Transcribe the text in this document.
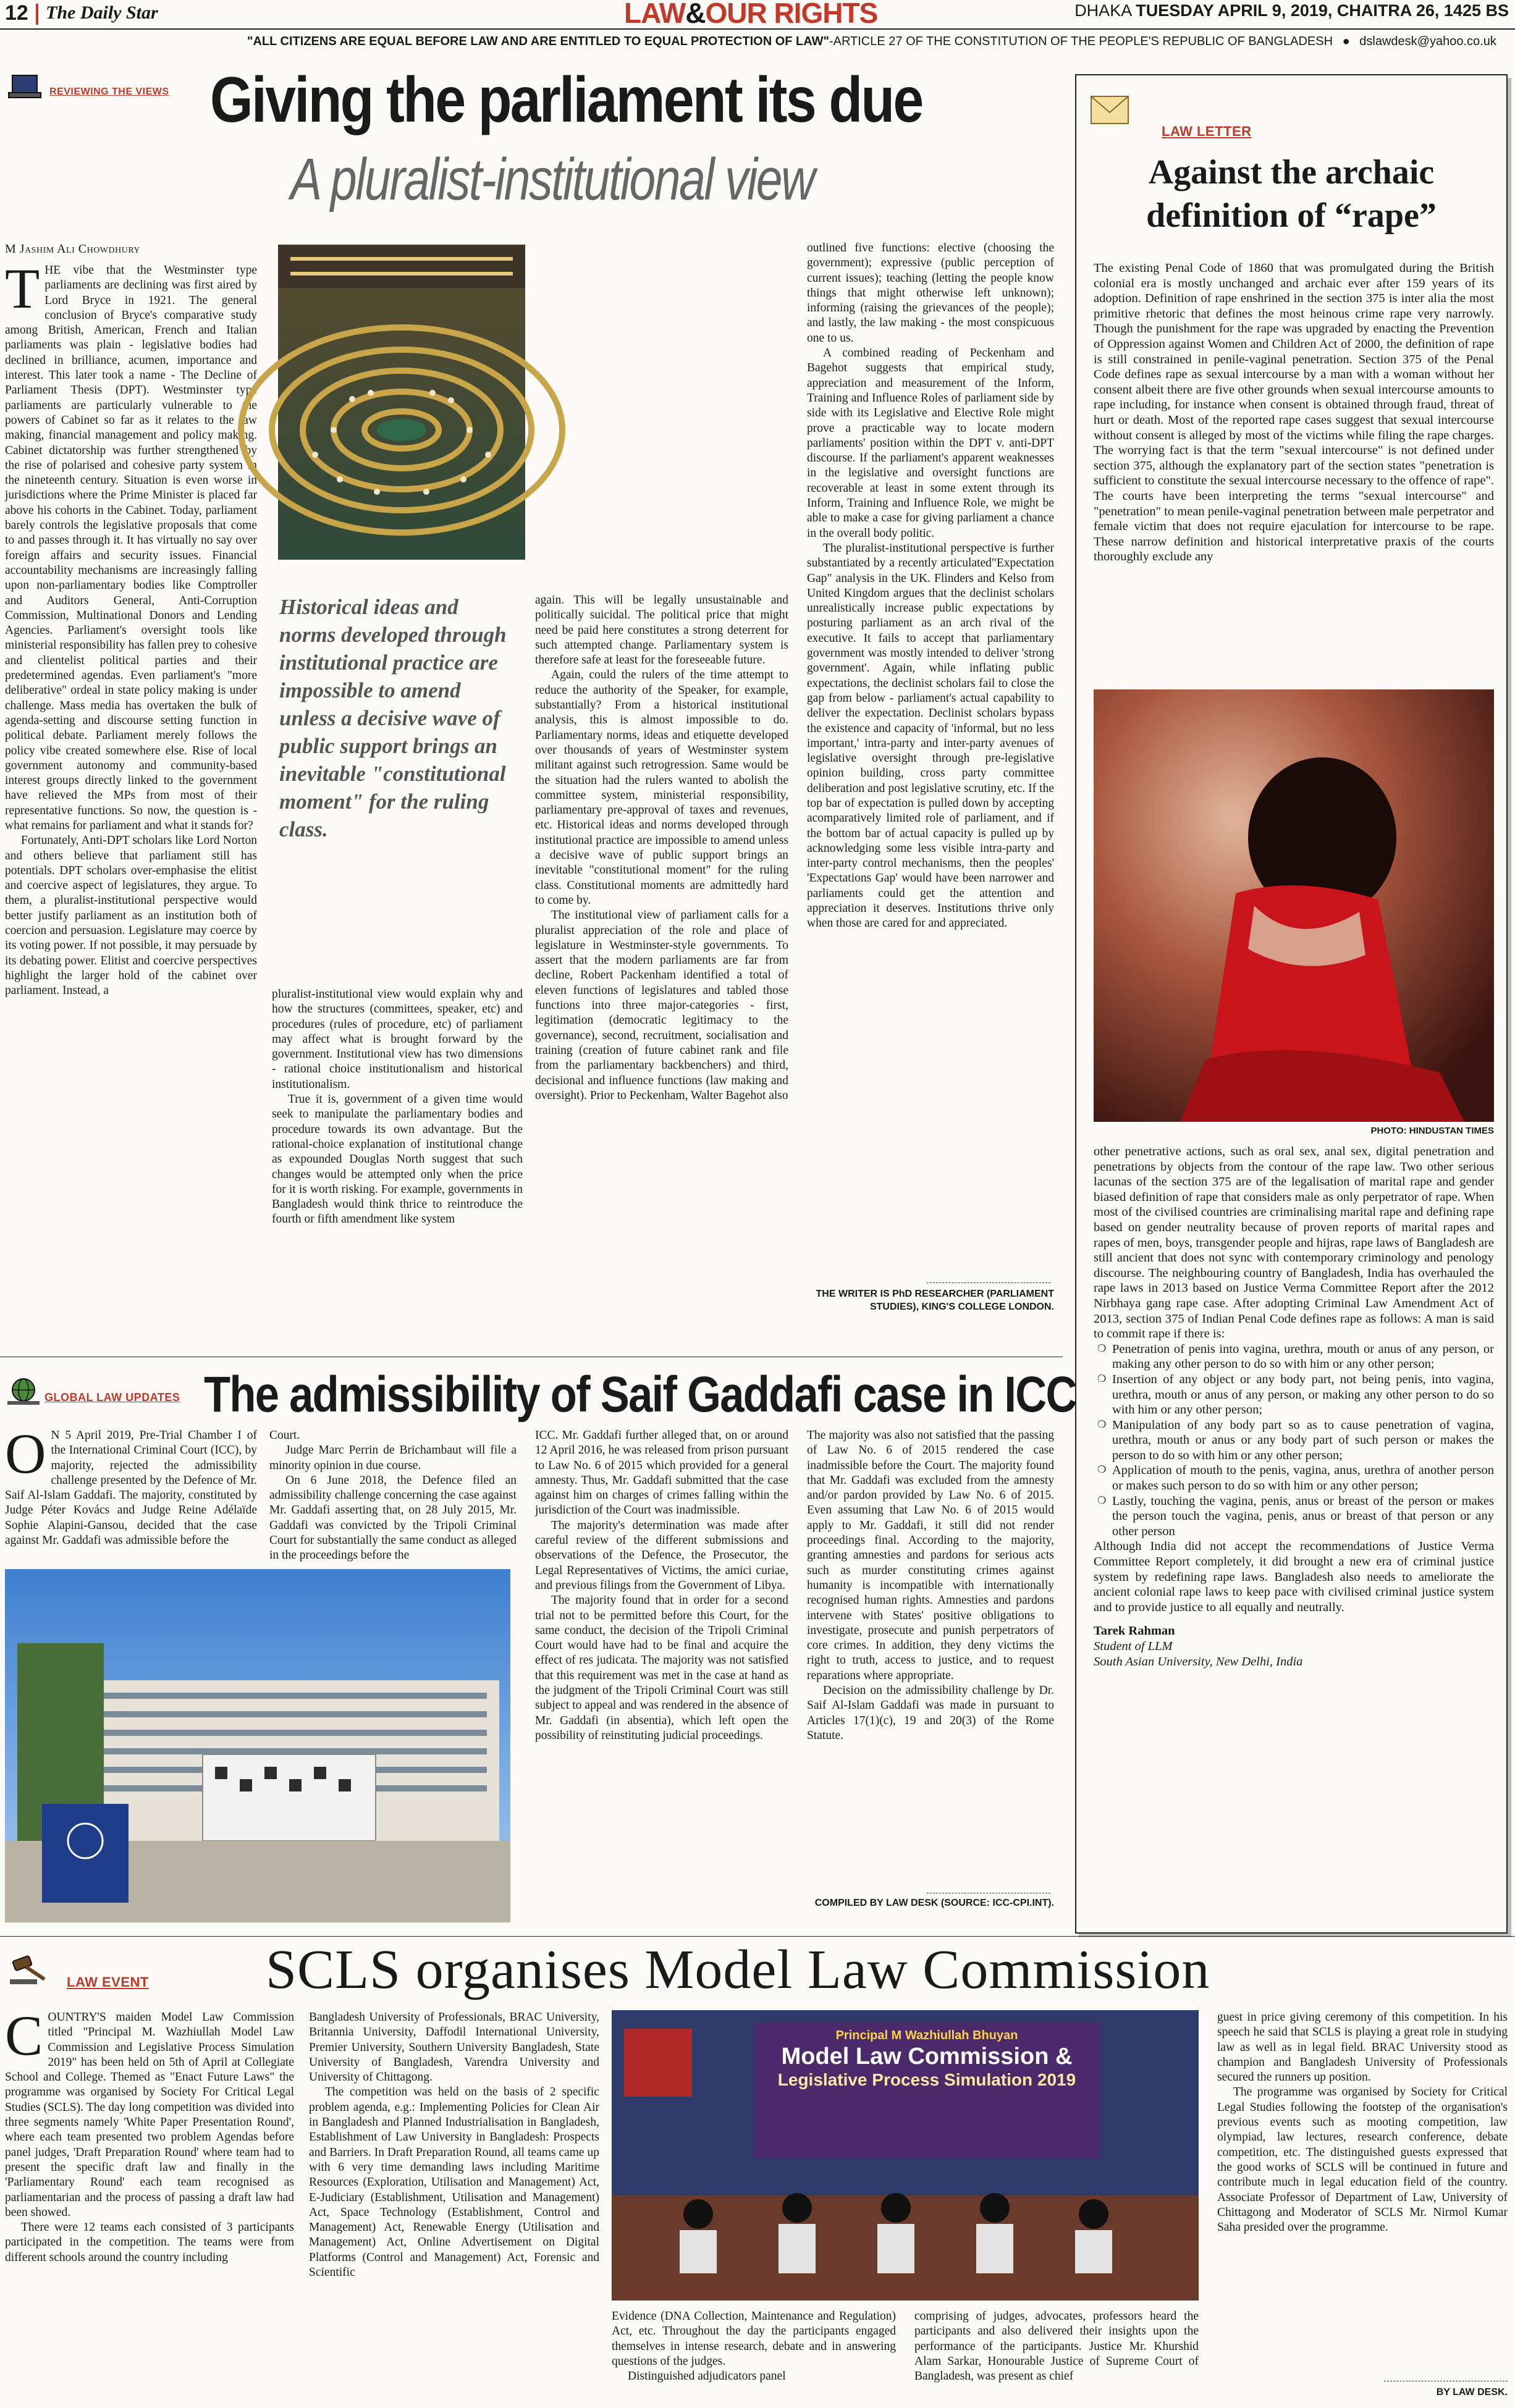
12 The Daily Star	LAW&OUR RIGHTS	DHAKA TUESDAY APRIL 9, 2019, CHAITRA 26, 1425 BS
"ALL CITIZENS ARE EQUAL BEFORE LAW AND ARE ENTITLED TO EQUAL PROTECTION OF LAW"-ARTICLE 27 OF THE CONSTITUTION OF THE PEOPLE'S REPUBLIC OF BANGLADESH ● dslawdesk@yahoo.co.uk
REVIEWING THE VIEWS Giving the parliament its due
A pluralist-institutional view
M Jashim Ali Chowdhury

THE vibe that the Westminster type parliaments are declining was first aired by Lord Bryce in 1921. The general conclusion of Bryce's comparative study among British, American, French and Italian parliaments was plain - legislative bodies had declined in brilliance, acumen, importance and interest. This later took a name - The Decline of Parliament Thesis (DPT). Westminster type parliaments are particularly vulnerable to the powers of Cabinet so far as it relates to the law making, financial management and policy making. Cabinet dictatorship was further strengthened by the rise of polarised and cohesive party system in the nineteenth century. Situation is even worse in jurisdictions where the Prime Minister is placed far above his cohorts in the Cabinet. Today, parliament barely controls the legislative proposals that come to and passes through it. It has virtually no say over foreign affairs and security issues. Financial accountability mechanisms are increasingly falling upon non-parliamentary bodies like Comptroller and Auditors General, Anti-Corruption Commission, Multinational Donors and Lending Agencies. Parliament's oversight tools like ministerial responsibility has fallen prey to cohesive and clientelist political parties and their predetermined agendas. Even parliament's "more deliberative" ordeal in state policy making is under challenge. Mass media has overtaken the bulk of agenda-setting and discourse setting function in political debate. Parliament merely follows the policy vibe created somewhere else. Rise of local government autonomy and community-based interest groups directly linked to the government have relieved the MPs from most of their representative functions. So now, the question is - what remains for parliament and what it stands for?

Fortunately, Anti-DPT scholars like Lord Norton and others believe that parliament still has potentials. DPT scholars over-emphasise the elitist and coercive aspect of legislatures, they argue. To them, a pluralist-institutional perspective would better justify parliament as an institution both of coercion and persuasion. Legislature may coerce by its voting power. If not possible, it may persuade by its debating power. Elitist and coercive perspectives highlight the larger hold of the cabinet over parliament. Instead, a

Historical ideas and norms developed through institutional practice are impossible to amend unless a decisive wave of public support brings an inevitable "constitutional moment" for the ruling class.

pluralist-institutional view would explain why and how the structures (committees, speaker, etc) and procedures (rules of procedure, etc) of parliament may affect what is brought forward by the government. Institutional view has two dimensions - rational choice institutionalism and historical institutionalism.

True it is, government of a given time would seek to manipulate the parliamentary bodies and procedure towards its own advantage. But the rational-choice explanation of institutional change as expounded Douglas North suggest that such changes would be attempted only when the price for it is worth risking. For example, governments in Bangladesh would think thrice to reintroduce the fourth or fifth amendment like system

again. This will be legally unsustainable and politically suicidal. The political price that might need be paid here constitutes a strong deterrent for such attempted change. Parliamentary system is therefore safe at least for the foreseeable future.

Again, could the rulers of the time attempt to reduce the authority of the Speaker, for example, substantially? From a historical institutional analysis, this is almost impossible to do. Parliamentary norms, ideas and etiquette developed over thousands of years of Westminster system militant against such retrogression. Same would be the situation had the rulers wanted to abolish the committee system, ministerial responsibility, parliamentary pre-approval of taxes and revenues, etc. Historical ideas and norms developed through institutional practice are impossible to amend unless a decisive wave of public support brings an inevitable "constitutional moment" for the ruling class. Constitutional moments are admittedly hard to come by.

The institutional view of parliament calls for a pluralist appreciation of the role and place of legislature in Westminster-style governments. To assert that the modern parliaments are far from decline, Robert Packenham identified a total of eleven functions of legislatures and tabled those functions into three major-categories - first, legitimation (democratic legitimacy to the governance), second, recruitment, socialisation and training (creation of future cabinet rank and file from the parliamentary backbenchers) and third, decisional and influence functions (law making and oversight). Prior to Peckenham, Walter Bagehot also

outlined five functions: elective (choosing the government); expressive (public perception of current issues); teaching (letting the people know things that might otherwise left unknown); informing (raising the grievances of the people); and lastly, the law making - the most conspicuous one to us.

A combined reading of Peckenham and Bagehot suggests that empirical study, appreciation and measurement of the Inform, Training and Influence Roles of parliament side by side with its Legislative and Elective Role might prove a practicable way to locate modern parliaments' position within the DPT v. anti-DPT discourse. If the parliament's apparent weaknesses in the legislative and oversight functions are recoverable at least in some extent through its Inform, Training and Influence Role, we might be able to make a case for giving parliament a chance in the overall body politic.

The pluralist-institutional perspective is further substantiated by a recently articulated"Expectation Gap" analysis in the UK. Flinders and Kelso from United Kingdom argues that the declinist scholars unrealistically increase public expectations by posturing parliament as an arch rival of the executive. It fails to accept that parliamentary government was mostly intended to deliver 'strong government'. Again, while inflating public expectations, the declinist scholars fail to close the gap from below - parliament's actual capability to deliver the expectation. Declinist scholars bypass the existence and capacity of 'informal, but no less important,' intra-party and inter-party avenues of legislative oversight through pre-legislative opinion building, cross party committee deliberation and post legislative scrutiny, etc. If the top bar of expectation is pulled down by accepting acomparatively limited role of parliament, and if the bottom bar of actual capacity is pulled up by acknowledging some less visible intra-party and inter-party control mechanisms, then the peoples' 'Expectations Gap' would have been narrower and parliaments could get the attention and appreciation it deserves. Institutions thrive only when those are cared for and appreciated.

THE WRITER IS PhD RESEARCHER (PARLIAMENT STUDIES), KING'S COLLEGE LONDON.
LAW LETTER
Against the archaic
definition of “rape”
The existing Penal Code of 1860 that was promulgated during the British colonial era is mostly unchanged and archaic ever after 159 years of its adoption. Definition of rape enshrined in the section 375 is inter alia the most primitive rhetoric that defines the most heinous crime rape very narrowly. Though the punishment for the rape was upgraded by enacting the Prevention of Oppression against Women and Children Act of 2000, the definition of rape is still constrained in penile-vaginal penetration. Section 375 of the Penal Code defines rape as sexual intercourse by a man with a woman without her consent albeit there are five other grounds when sexual intercourse amounts to rape including, for instance when consent is obtained through fraud, threat of hurt or death. Most of the reported rape cases suggest that sexual intercourse without consent is alleged by most of the victims while filing the rape charges. The worrying fact is that the term "sexual intercourse" is not defined under section 375, although the explanatory part of the section states "penetration is sufficient to constitute the sexual intercourse necessary to the offence of rape". The courts have been interpreting the terms "sexual intercourse" and "penetration" to mean penile-vaginal penetration between male perpetrator and female victim that does not require ejaculation for intercourse to be rape. These narrow definition and historical interpretative praxis of the courts thoroughly exclude any
PHOTO: HINDUSTAN TIMES

other penetrative actions, such as oral sex, anal sex, digital penetration and penetrations by objects from the contour of the rape law. Two other serious lacunas of the section 375 are of the legalisation of marital rape and gender biased definition of rape that considers male as only perpetrator of rape. When most of the civilised countries are criminalising marital rape and defining rape based on gender neutrality because of proven reports of marital rapes and rapes of men, boys, transgender people and hijras, rape laws of Bangladesh are still ancient that does not sync with contemporary criminology and penology discourse. The neighbouring country of Bangladesh, India has overhauled the rape laws in 2013 based on Justice Verma Committee Report after the 2012 Nirbhaya gang rape case. After adopting Criminal Law Amendment Act of 2013, section 375 of Indian Penal Code defines rape as follows: A man is said to commit rape if there is:

❍ Penetration of penis into vagina, urethra, mouth or anus of any person, or making any other person to do so with him or any other person;
❍ Insertion of any object or any body part, not being penis, into vagina, urethra, mouth or anus of any person, or making any other person to do so with him or any other person;
❍ Manipulation of any body part so as to cause penetration of vagina, urethra, mouth or anus or any body part of such person or makes the person to do so with him or any other person;
❍ Application of mouth to the penis, vagina, anus, urethra of another person or makes such person to do so with him or any other person;
❍ Lastly, touching the vagina, penis, anus or breast of the person or makes the person touch the vagina, penis, anus or breast of that person or any other person

Although India did not accept the recommendations of Justice Verma Committee Report completely, it did brought a new era of criminal justice system by redefining rape laws. Bangladesh also needs to ameliorate the ancient colonial rape laws to keep pace with civilised criminal justice system and to provide justice to all equally and neutrally.

Tarek Rahman
Student of LLM
South Asian University, New Delhi, India
GLOBAL LAW UPDATES The admissibility of Saif Gaddafi case in ICC

O N 5 April 2019, Pre-Trial Chamber I of the International Criminal Court (ICC), by majority, rejected the admissibility challenge presented by the Defence of Mr. Saif Al-Islam Gaddafi. The majority, constituted by Judge Péter Kovács and Judge Reine Adélaïde Sophie Alapini-Gansou, decided that the case against Mr. Gaddafi was admissible before the

Court.

Judge Marc Perrin de Brichambaut will file a minority opinion in due course.

On 6 June 2018, the Defence filed an admissibility challenge concerning the case against Mr. Gaddafi asserting that, on 28 July 2015, Mr. Gaddafi was convicted by the Tripoli Criminal Court for substantially the same conduct as alleged in the proceedings before the

ICC. Mr. Gaddafi further alleged that, on or around 12 April 2016, he was released from prison pursuant to Law No. 6 of 2015 which provided for a general amnesty. Thus, Mr. Gaddafi submitted that the case against him on charges of crimes falling within the jurisdiction of the Court was inadmissible.

The majority's determination was made after careful review of the different submissions and observations of the Defence, the Prosecutor, the Legal Representatives of Victims, the amici curiae, and previous filings from the Government of Libya.

The majority found that in order for a second trial not to be permitted before this Court, for the same conduct, the decision of the Tripoli Criminal Court would have had to be final and acquire the effect of res judicata. The majority was not satisfied that this requirement was met in the case at hand as the judgment of the Tripoli Criminal Court was still subject to appeal and was rendered in the absence of Mr. Gaddafi (in absentia), which left open the possibility of reinstituting judicial proceedings.

The majority was also not satisfied that the passing of Law No. 6 of 2015 rendered the case inadmissible before the Court. The majority found that Mr. Gaddafi was excluded from the amnesty and/or pardon provided by Law No. 6 of 2015. Even assuming that Law No. 6 of 2015 would apply to Mr. Gaddafi, it still did not render proceedings final. According to the majority, granting amnesties and pardons for serious acts such as murder constituting crimes against humanity is incompatible with internationally recognised human rights. Amnesties and pardons intervene with States' positive obligations to investigate, prosecute and punish perpetrators of core crimes. In addition, they deny victims the right to truth, access to justice, and to request reparations where appropriate.

Decision on the admissibility challenge by Dr. Saif Al-Islam Gaddafi was made in pursuant to Articles 17(1)(c), 19 and 20(3) of the Rome Statute.

COMPILED BY LAW DESK (SOURCE: ICC-CPI.INT).
LAW EVENT SCLS organises Model Law Commission

COUNTRY'S maiden Model Law Commission titled "Principal M. Wazhiullah Model Law Commission and Legislative Process Simulation 2019" has been held on 5th of April at Collegiate School and College. Themed as "Enact Future Laws" the programme was organised by Society For Critical Legal Studies (SCLS). The day long competition was divided into three segments namely 'White Paper Presentation Round', where each team presented two problem Agendas before panel judges, 'Draft Preparation Round' where team had to present the specific draft law and finally in the 'Parliamentary Round' each team recognised as parliamentarian and the process of passing a draft law had been showed.

There were 12 teams each consisted of 3 participants participated in the competition. The teams were from different schools around the country including

Bangladesh University of Professionals, BRAC University, Britannia University, Daffodil International University, Premier University, Southern University Bangladesh, State University of Bangladesh, Varendra University and University of Chittagong.

The competition was held on the basis of 2 specific problem agenda, e.g.: Implementing Policies for Clean Air in Bangladesh and Planned Industrialisation in Bangladesh, Establishment of Law University in Bangladesh: Prospects and Barriers. In Draft Preparation Round, all teams came up with 6 very time demanding laws including Maritime Resources (Exploration, Utilisation and Management) Act, E-Judiciary (Establishment, Utilisation and Management) Act, Space Technology (Establishment, Control and Management) Act, Renewable Energy (Utilisation and Management) Act, Online Advertisement on Digital Platforms (Control and Management) Act, Forensic and Scientific

Principal M Wazhiullah Bhuyan
Model Law Commission &
Legislative Process Simulation 2019

Evidence (DNA Collection, Maintenance and Regulation) Act, etc. Throughout the day the participants engaged themselves in intense research, debate and in answering questions of the judges.

Distinguished adjudicators panel

comprising of judges, advocates, professors heard the participants and also delivered their insights upon the performance of the participants. Justice Mr. Khurshid Alam Sarkar, Honourable Justice of Supreme Court of Bangladesh, was present as chief

guest in price giving ceremony of this competition. In his speech he said that SCLS is playing a great role in studying law as well as in legal field. BRAC University stood as champion and Bangladesh University of Professionals secured the runners up position.

The programme was organised by Society for Critical Legal Studies following the footstep of the organisation's previous events such as mooting competition, law olympiad, law lectures, research conference, debate competition, etc. The distinguished guests expressed that the good works of SCLS will be continued in future and contribute much in legal education field of the country. Associate Professor of Department of Law, University of Chittagong and Moderator of SCLS Mr. Nirmol Kumar Saha presided over the programme.

BY LAW DESK.
